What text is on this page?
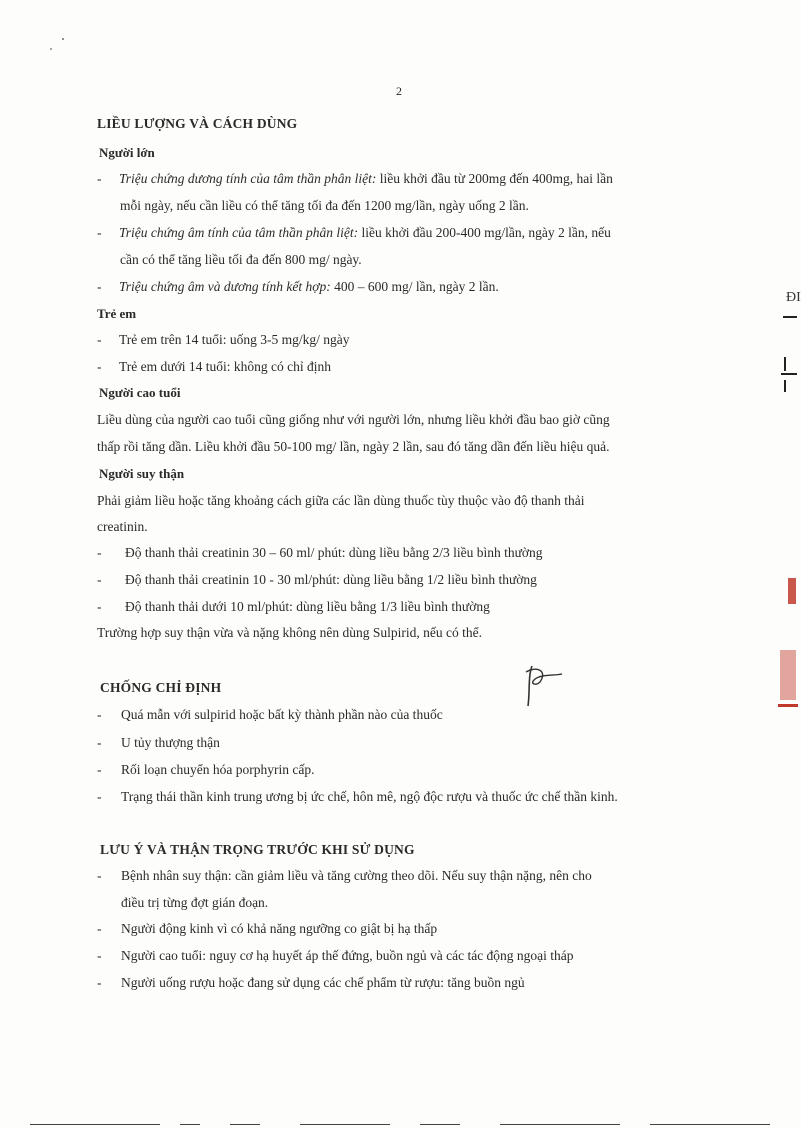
2
LIỀU LƯỢNG VÀ CÁCH DÙNG
Người lớn
- Triệu chứng dương tính của tâm thần phân liệt: liều khởi đầu từ 200mg đến 400mg, hai lần
mỗi ngày, nếu cần liều có thể tăng tối đa đến 1200 mg/lần, ngày uống 2 lần.
- Triệu chứng âm tính của tâm thần phân liệt: liều khởi đầu 200-400 mg/lần, ngày 2 lần, nếu
cần có thể tăng liều tối đa đến 800 mg/ ngày.
- Triệu chứng âm và dương tính kết hợp: 400 – 600 mg/ lần, ngày 2 lần.
Trẻ em
- Trẻ em trên 14 tuổi: uống 3-5 mg/kg/ ngày
- Trẻ em dưới 14 tuổi: không có chỉ định
Người cao tuổi
Liều dùng của người cao tuổi cũng giống như với người lớn, nhưng liều khởi đầu bao giờ cũng
thấp rồi tăng dần. Liều khởi đầu 50-100 mg/ lần, ngày 2 lần, sau đó tăng dần đến liều hiệu quả.
Người suy thận
Phải giảm liều hoặc tăng khoảng cách giữa các lần dùng thuốc tùy thuộc vào độ thanh thải
creatinin.
- Độ thanh thải creatinin 30 – 60 ml/ phút: dùng liều bằng 2/3 liều bình thường
- Độ thanh thải creatinin 10 - 30 ml/phút: dùng liều bằng 1/2 liều bình thường
- Độ thanh thải dưới 10 ml/phút: dùng liều bằng 1/3 liều bình thường
Trường hợp suy thận vừa và nặng không nên dùng Sulpirid, nếu có thể.
CHỐNG CHỈ ĐỊNH
- Quá mẫn với sulpirid hoặc bất kỳ thành phần nào của thuốc
- U tủy thượng thận
- Rối loạn chuyển hóa porphyrin cấp.
- Trạng thái thần kinh trung ương bị ức chế, hôn mê, ngộ độc rượu và thuốc ức chế thần kinh.
LƯU Ý VÀ THẬN TRỌNG TRƯỚC KHI SỬ DỤNG
- Bệnh nhân suy thận: cần giảm liều và tăng cường theo dõi. Nếu suy thận nặng, nên cho
điều trị từng đợt gián đoạn.
- Người động kinh vì có khả năng ngưỡng co giật bị hạ thấp
- Người cao tuổi: nguy cơ hạ huyết áp thế đứng, buồn ngủ và các tác động ngoại tháp
- Người uống rượu hoặc đang sử dụng các chế phẩm từ rượu: tăng buồn ngủ
ĐI
